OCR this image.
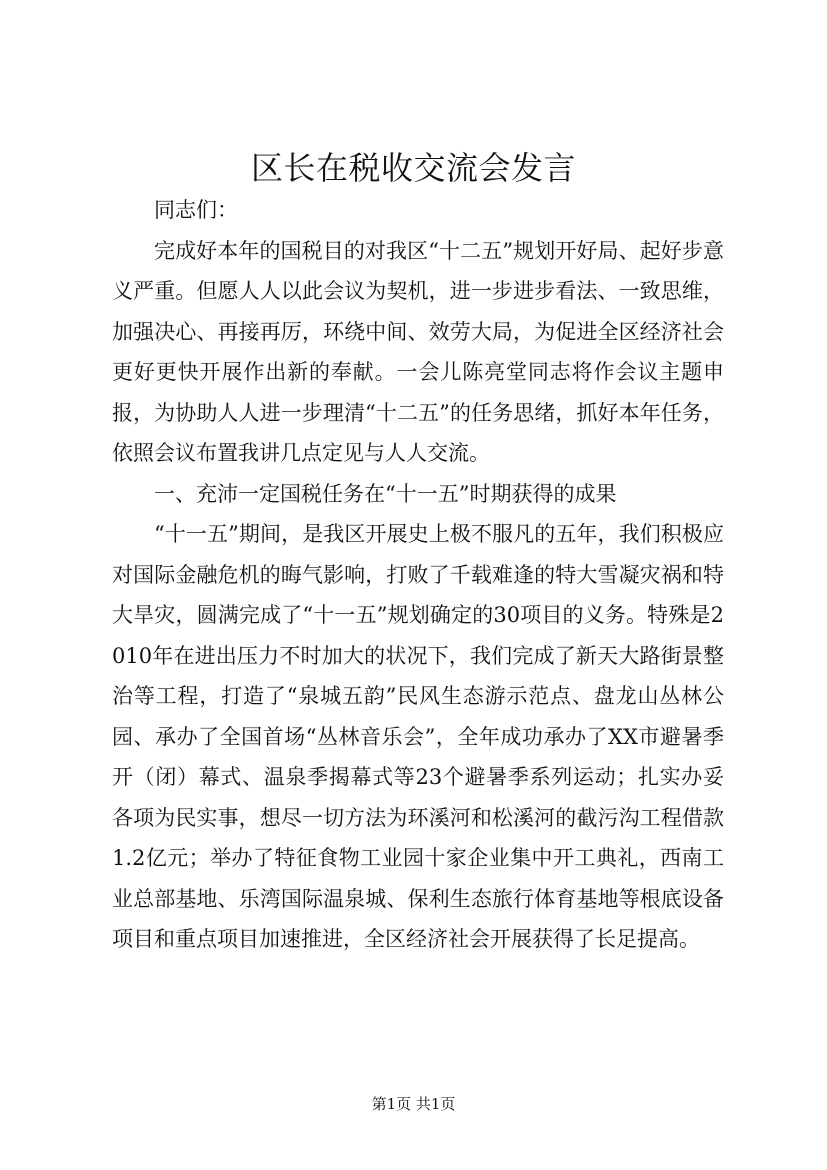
区长在税收交流会发言

同志们：

完成好本年的国税目的对我区“十二五”规划开好局、起好步意义严重。但愿人人以此会议为契机，进一步进步看法、一致思维，加强决心、再接再厉，环绕中间、效劳大局，为促进全区经济社会更好更快开展作出新的奉献。一会儿陈亮堂同志将作会议主题申报，为协助人人进一步理清“十二五”的任务思绪，抓好本年任务，依照会议布置我讲几点定见与人人交流。

一、充沛一定国税任务在“十一五”时期获得的成果

“十一五”期间，是我区开展史上极不服凡的五年，我们积极应对国际金融危机的晦气影响，打败了千载难逢的特大雪凝灾祸和特大旱灾，圆满完成了“十一五”规划确定的30项目的义务。特殊是2010年在进出压力不时加大的状况下，我们完成了新天大路街景整治等工程，打造了“泉城五韵”民风生态游示范点、盘龙山丛林公园、承办了全国首场“丛林音乐会”，全年成功承办了XX市避暑季开（闭）幕式、温泉季揭幕式等23个避暑季系列运动；扎实办妥各项为民实事，想尽一切方法为环溪河和松溪河的截污沟工程借款1.2亿元；举办了特征食物工业园十家企业集中开工典礼，西南工业总部基地、乐湾国际温泉城、保利生态旅行体育基地等根底设备项目和重点项目加速推进，全区经济社会开展获得了长足提高。

第1页 共1页
